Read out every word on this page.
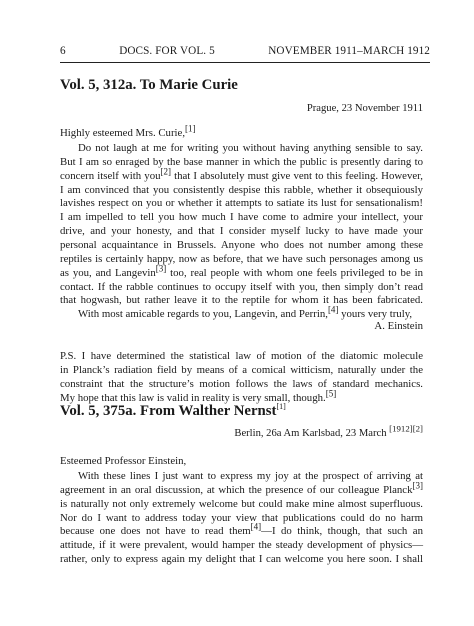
6	DOCS. FOR VOL. 5	NOVEMBER 1911–MARCH 1912
Vol. 5, 312a. To Marie Curie
Prague, 23 November 1911
Highly esteemed Mrs. Curie,[1]
Do not laugh at me for writing you without having anything sensible to say.
But I am so enraged by the base manner in which the public is presently daring to
concern itself with you[2] that I absolutely must give vent to this feeling. However,
I am convinced that you consistently despise this rabble, whether it obsequiously
lavishes respect on you or whether it attempts to satiate its lust for sensationalism!
I am impelled to tell you how much I have come to admire your intellect, your
drive, and your honesty, and that I consider myself lucky to have made your
personal acquaintance in Brussels. Anyone who does not number among these
reptiles is certainly happy, now as before, that we have such personages among us
as you, and Langevin[3] too, real people with whom one feels privileged to be in
contact. If the rabble continues to occupy itself with you, then simply don’t read
that hogwash, but rather leave it to the reptile for whom it has been fabricated.
With most amicable regards to you, Langevin, and Perrin,[4] yours very truly,
A. Einstein
P.S. I have determined the statistical law of motion of the diatomic molecule
in Planck’s radiation field by means of a comical witticism, naturally under the
constraint that the structure’s motion follows the laws of standard mechanics.
My hope that this law is valid in reality is very small, though.[5]
Vol. 5, 375a. From Walther Nernst[1]
Berlin, 26a Am Karlsbad, 23 March [1912][2]
Esteemed Professor Einstein,
With these lines I just want to express my joy at the prospect of arriving at
agreement in an oral discussion, at which the presence of our colleague Planck[3]
is naturally not only extremely welcome but could make mine almost superfluous.
Nor do I want to address today your view that publications could do no harm
because one does not have to read them[4]—I do think, though, that such an
attitude, if it were prevalent, would hamper the steady development of physics—
rather, only to express again my delight that I can welcome you here soon. I shall
